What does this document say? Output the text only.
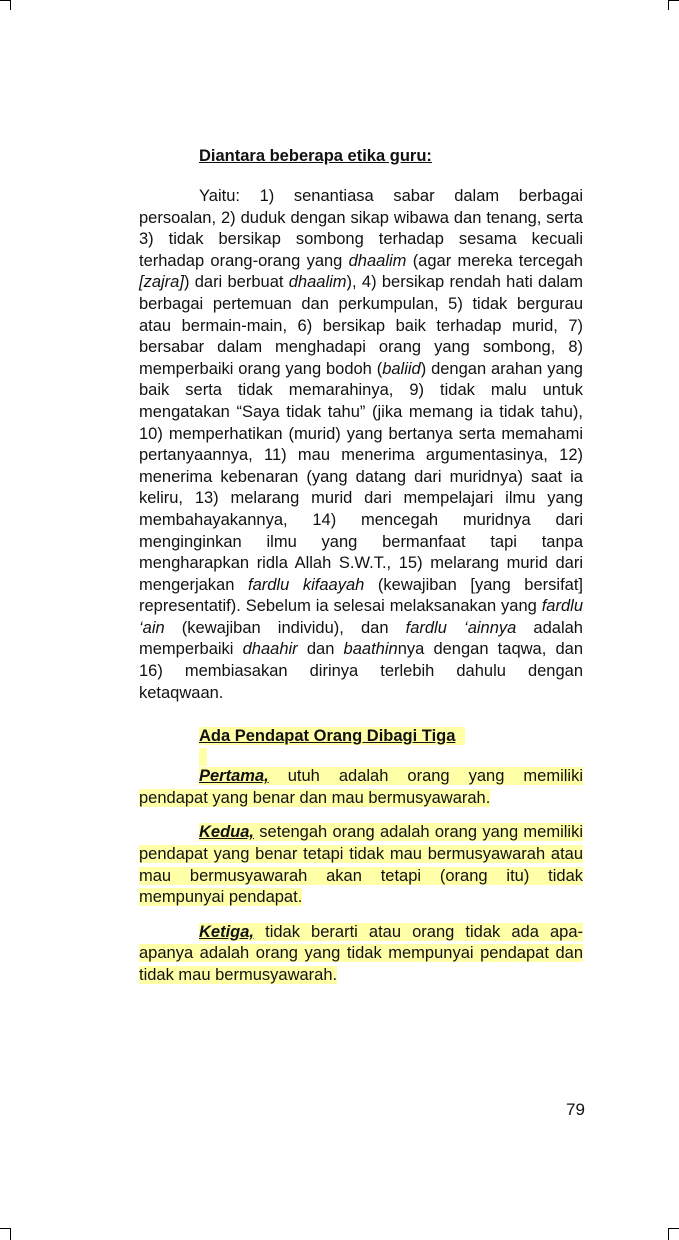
Diantara beberapa etika guru:

Yaitu: 1) senantiasa sabar dalam berbagai persoalan, 2) duduk dengan sikap wibawa dan tenang, serta 3) tidak bersikap sombong terhadap sesama kecuali terhadap orang-orang yang dhaalim (agar mereka tercegah [zajra]) dari berbuat dhaalim), 4) bersikap rendah hati dalam berbagai pertemuan dan perkumpulan, 5) tidak bergurau atau bermain-main, 6) bersikap baik terhadap murid, 7) bersabar dalam menghadapi orang yang sombong, 8) memperbaiki orang yang bodoh (baliid) dengan arahan yang baik serta tidak memarahinya, 9) tidak malu untuk mengatakan “Saya tidak tahu” (jika memang ia tidak tahu), 10) memperhatikan (murid) yang bertanya serta memahami pertanyaannya, 11) mau menerima argumentasinya, 12) menerima kebenaran (yang datang dari muridnya) saat ia keliru, 13) melarang murid dari mempelajari ilmu yang membahayakannya, 14) mencegah muridnya dari menginginkan ilmu yang bermanfaat tapi tanpa mengharapkan ridla Allah S.W.T., 15) melarang murid dari mengerjakan fardlu kifaayah (kewajiban [yang bersifat] representatif). Sebelum ia selesai melaksanakan yang fardlu ‘ain (kewajiban individu), dan fardlu ‘ainnya adalah memperbaiki dhaahir dan baathinnya dengan taqwa, dan 16) membiasakan dirinya terlebih dahulu dengan ketaqwaan.

Ada Pendapat Orang Dibagi Tiga

Pertama, utuh adalah orang yang memiliki pendapat yang benar dan mau bermusyawarah.

Kedua, setengah orang adalah orang yang memiliki pendapat yang benar tetapi tidak mau bermusyawarah atau mau bermusyawarah akan tetapi (orang itu) tidak mempunyai pendapat.

Ketiga, tidak berarti atau orang tidak ada apa-apanya adalah orang yang tidak mempunyai pendapat dan tidak mau bermusyawarah.

79
